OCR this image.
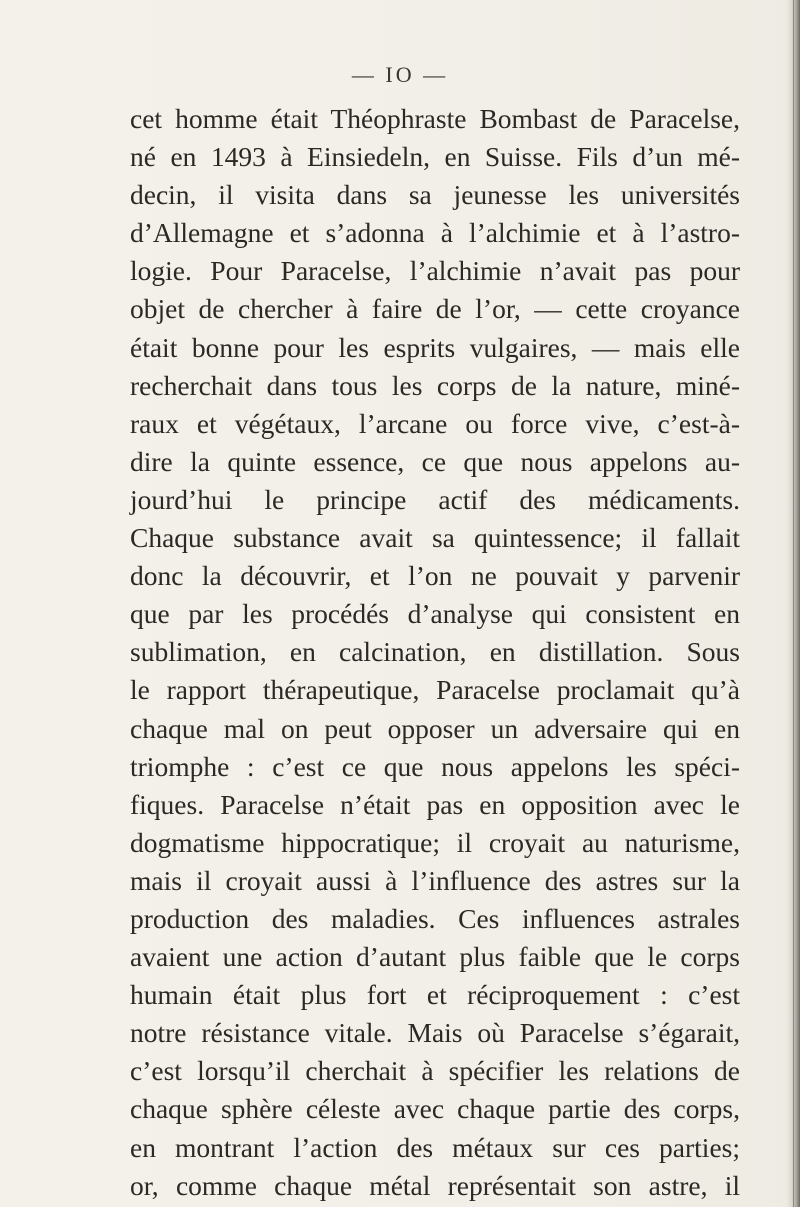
— IO —
cet homme était Théophraste Bombast de Paracelse,
né en 1493 à Einsiedeln, en Suisse. Fils d’un mé-
decin, il visita dans sa jeunesse les universités
d’Allemagne et s’adonna à l’alchimie et à l’astro-
logie. Pour Paracelse, l’alchimie n’avait pas pour
objet de chercher à faire de l’or, — cette croyance
était bonne pour les esprits vulgaires, — mais elle
recherchait dans tous les corps de la nature, miné-
raux et végétaux, l’arcane ou force vive, c’est-à-
dire la quinte essence, ce que nous appelons au-
jourd’hui le principe actif des médicaments.
Chaque substance avait sa quintessence; il fallait
donc la découvrir, et l’on ne pouvait y parvenir
que par les procédés d’analyse qui consistent en
sublimation, en calcination, en distillation. Sous
le rapport thérapeutique, Paracelse proclamait qu’à
chaque mal on peut opposer un adversaire qui en
triomphe : c’est ce que nous appelons les spéci-
fiques. Paracelse n’était pas en opposition avec le
dogmatisme hippocratique; il croyait au naturisme,
mais il croyait aussi à l’influence des astres sur la
production des maladies. Ces influences astrales
avaient une action d’autant plus faible que le corps
humain était plus fort et réciproquement : c’est
notre résistance vitale. Mais où Paracelse s’égarait,
c’est lorsqu’il cherchait à spécifier les relations de
chaque sphère céleste avec chaque partie des corps,
en montrant l’action des métaux sur ces parties;
or, comme chaque métal représentait son astre, il
